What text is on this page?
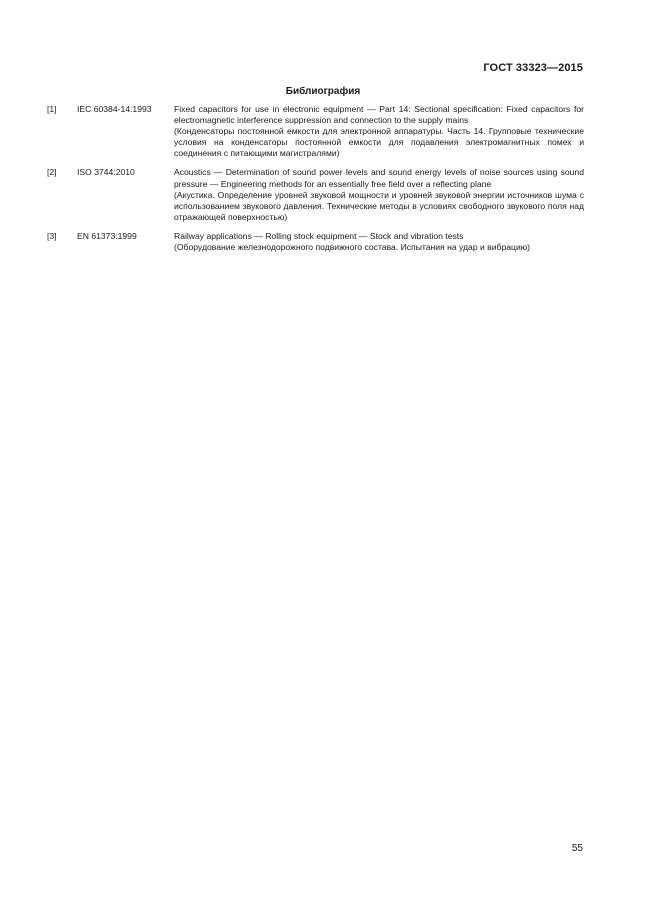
ГОСТ 33323—2015
Библиография
[1]	IEC 60384-14:1993	Fixed capacitors for use in electronic equipment — Part 14: Sectional specification: Fixed capacitors for electromagnetic interference suppression and connection to the supply mains
(Конденсаторы постоянной емкости для электронной аппаратуры. Часть 14. Групповые технические условия на конденсаторы постоянной емкости для подавления электромагнитных помех и соединения с питающими магистралями)
[2]	ISO 3744:2010	Acoustics — Determination of sound power levels and sound energy levels of noise sources using sound pressure — Engineering methods for an essentially free field over a reflecting plane
(Акустика. Определение уровней звуковой мощности и уровней звуковой энергии источников шума с использованием звукового давления. Технические методы в условиях свободного звукового поля над отражающей поверхностью)
[3]	EN 61373:1999	Railway applications — Rolling stock equipment — Stock and vibration tests
(Оборудование железнодорожного подвижного состава. Испытания на удар и вибрацию)
55
